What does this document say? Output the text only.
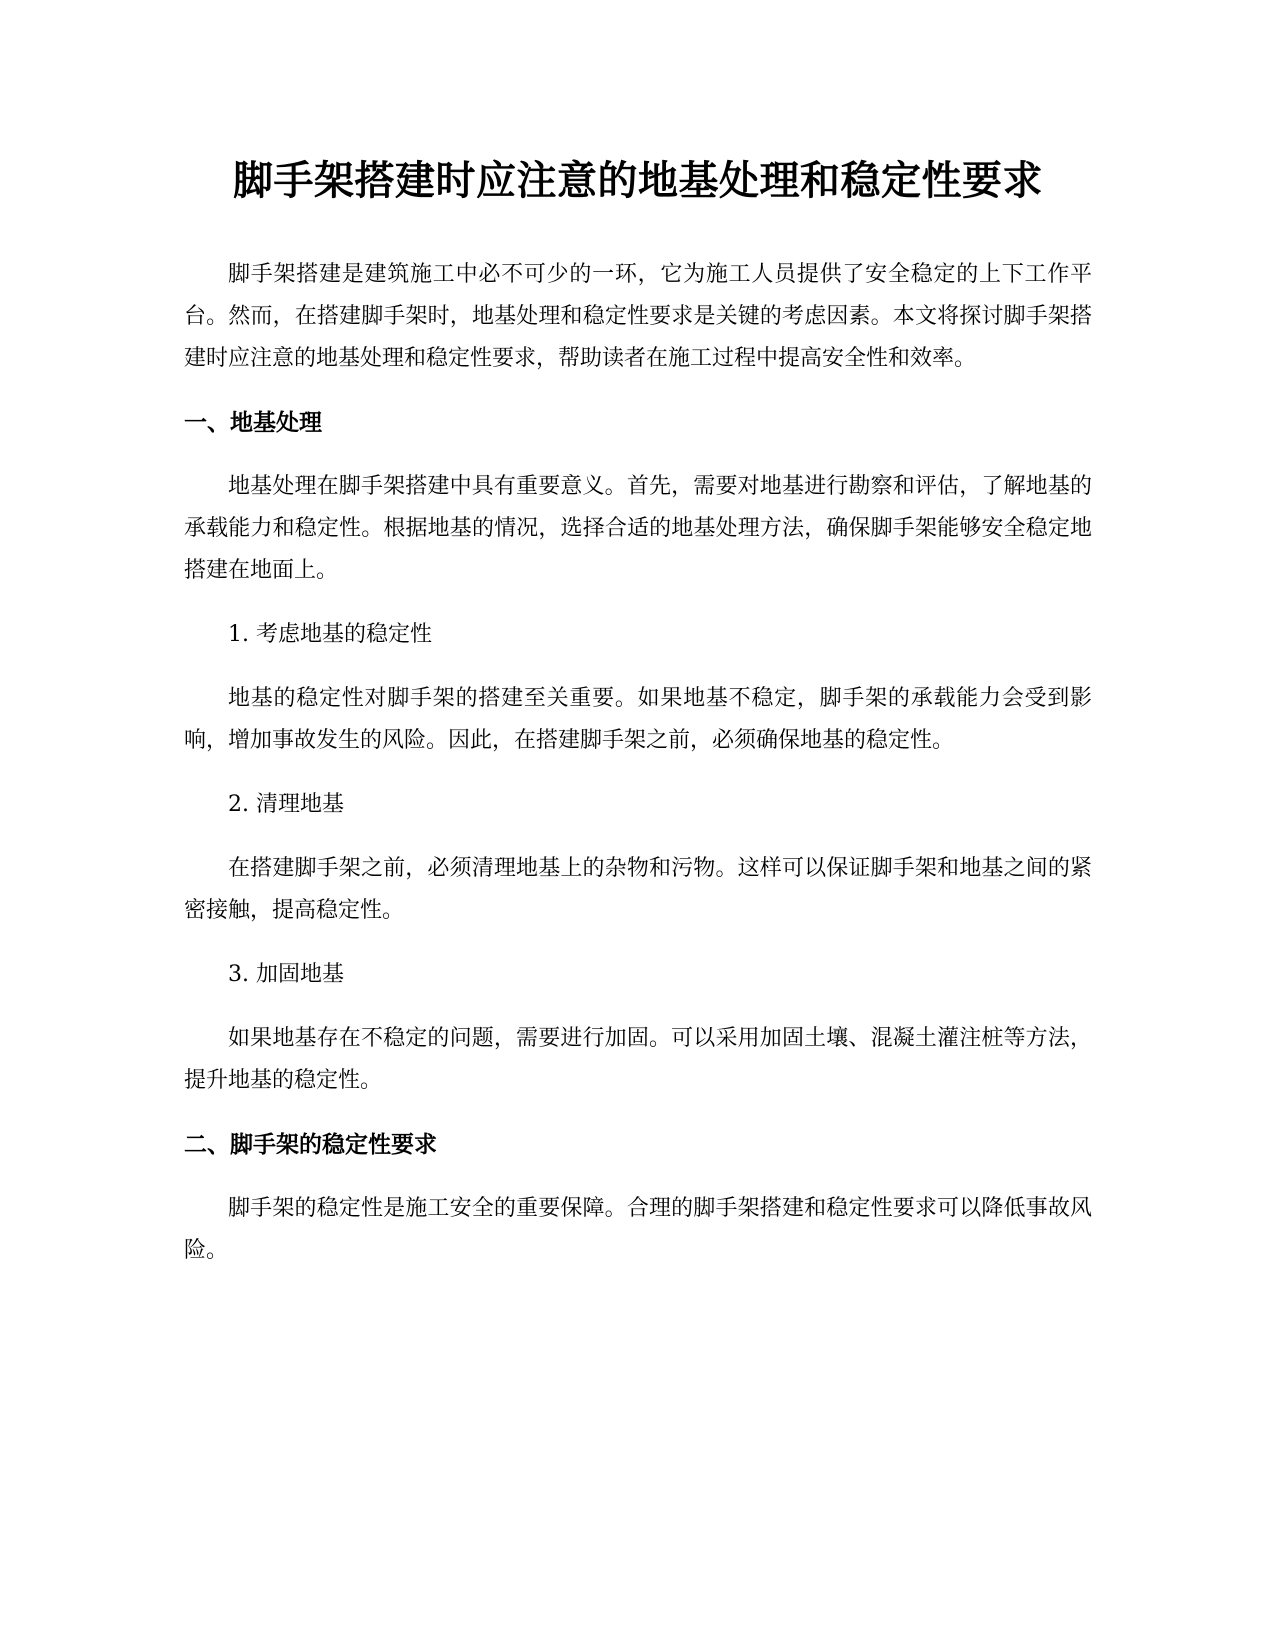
脚手架搭建时应注意的地基处理和稳定性要求

脚手架搭建是建筑施工中必不可少的一环，它为施工人员提供了安全稳定的上下工作平台。然而，在搭建脚手架时，地基处理和稳定性要求是关键的考虑因素。本文将探讨脚手架搭建时应注意的地基处理和稳定性要求，帮助读者在施工过程中提高安全性和效率。

一、地基处理

地基处理在脚手架搭建中具有重要意义。首先，需要对地基进行勘察和评估，了解地基的承载能力和稳定性。根据地基的情况，选择合适的地基处理方法，确保脚手架能够安全稳定地搭建在地面上。

1. 考虑地基的稳定性

地基的稳定性对脚手架的搭建至关重要。如果地基不稳定，脚手架的承载能力会受到影响，增加事故发生的风险。因此，在搭建脚手架之前，必须确保地基的稳定性。

2. 清理地基

在搭建脚手架之前，必须清理地基上的杂物和污物。这样可以保证脚手架和地基之间的紧密接触，提高稳定性。

3. 加固地基

如果地基存在不稳定的问题，需要进行加固。可以采用加固土壤、混凝土灌注桩等方法，提升地基的稳定性。

二、脚手架的稳定性要求

脚手架的稳定性是施工安全的重要保障。合理的脚手架搭建和稳定性要求可以降低事故风险。
